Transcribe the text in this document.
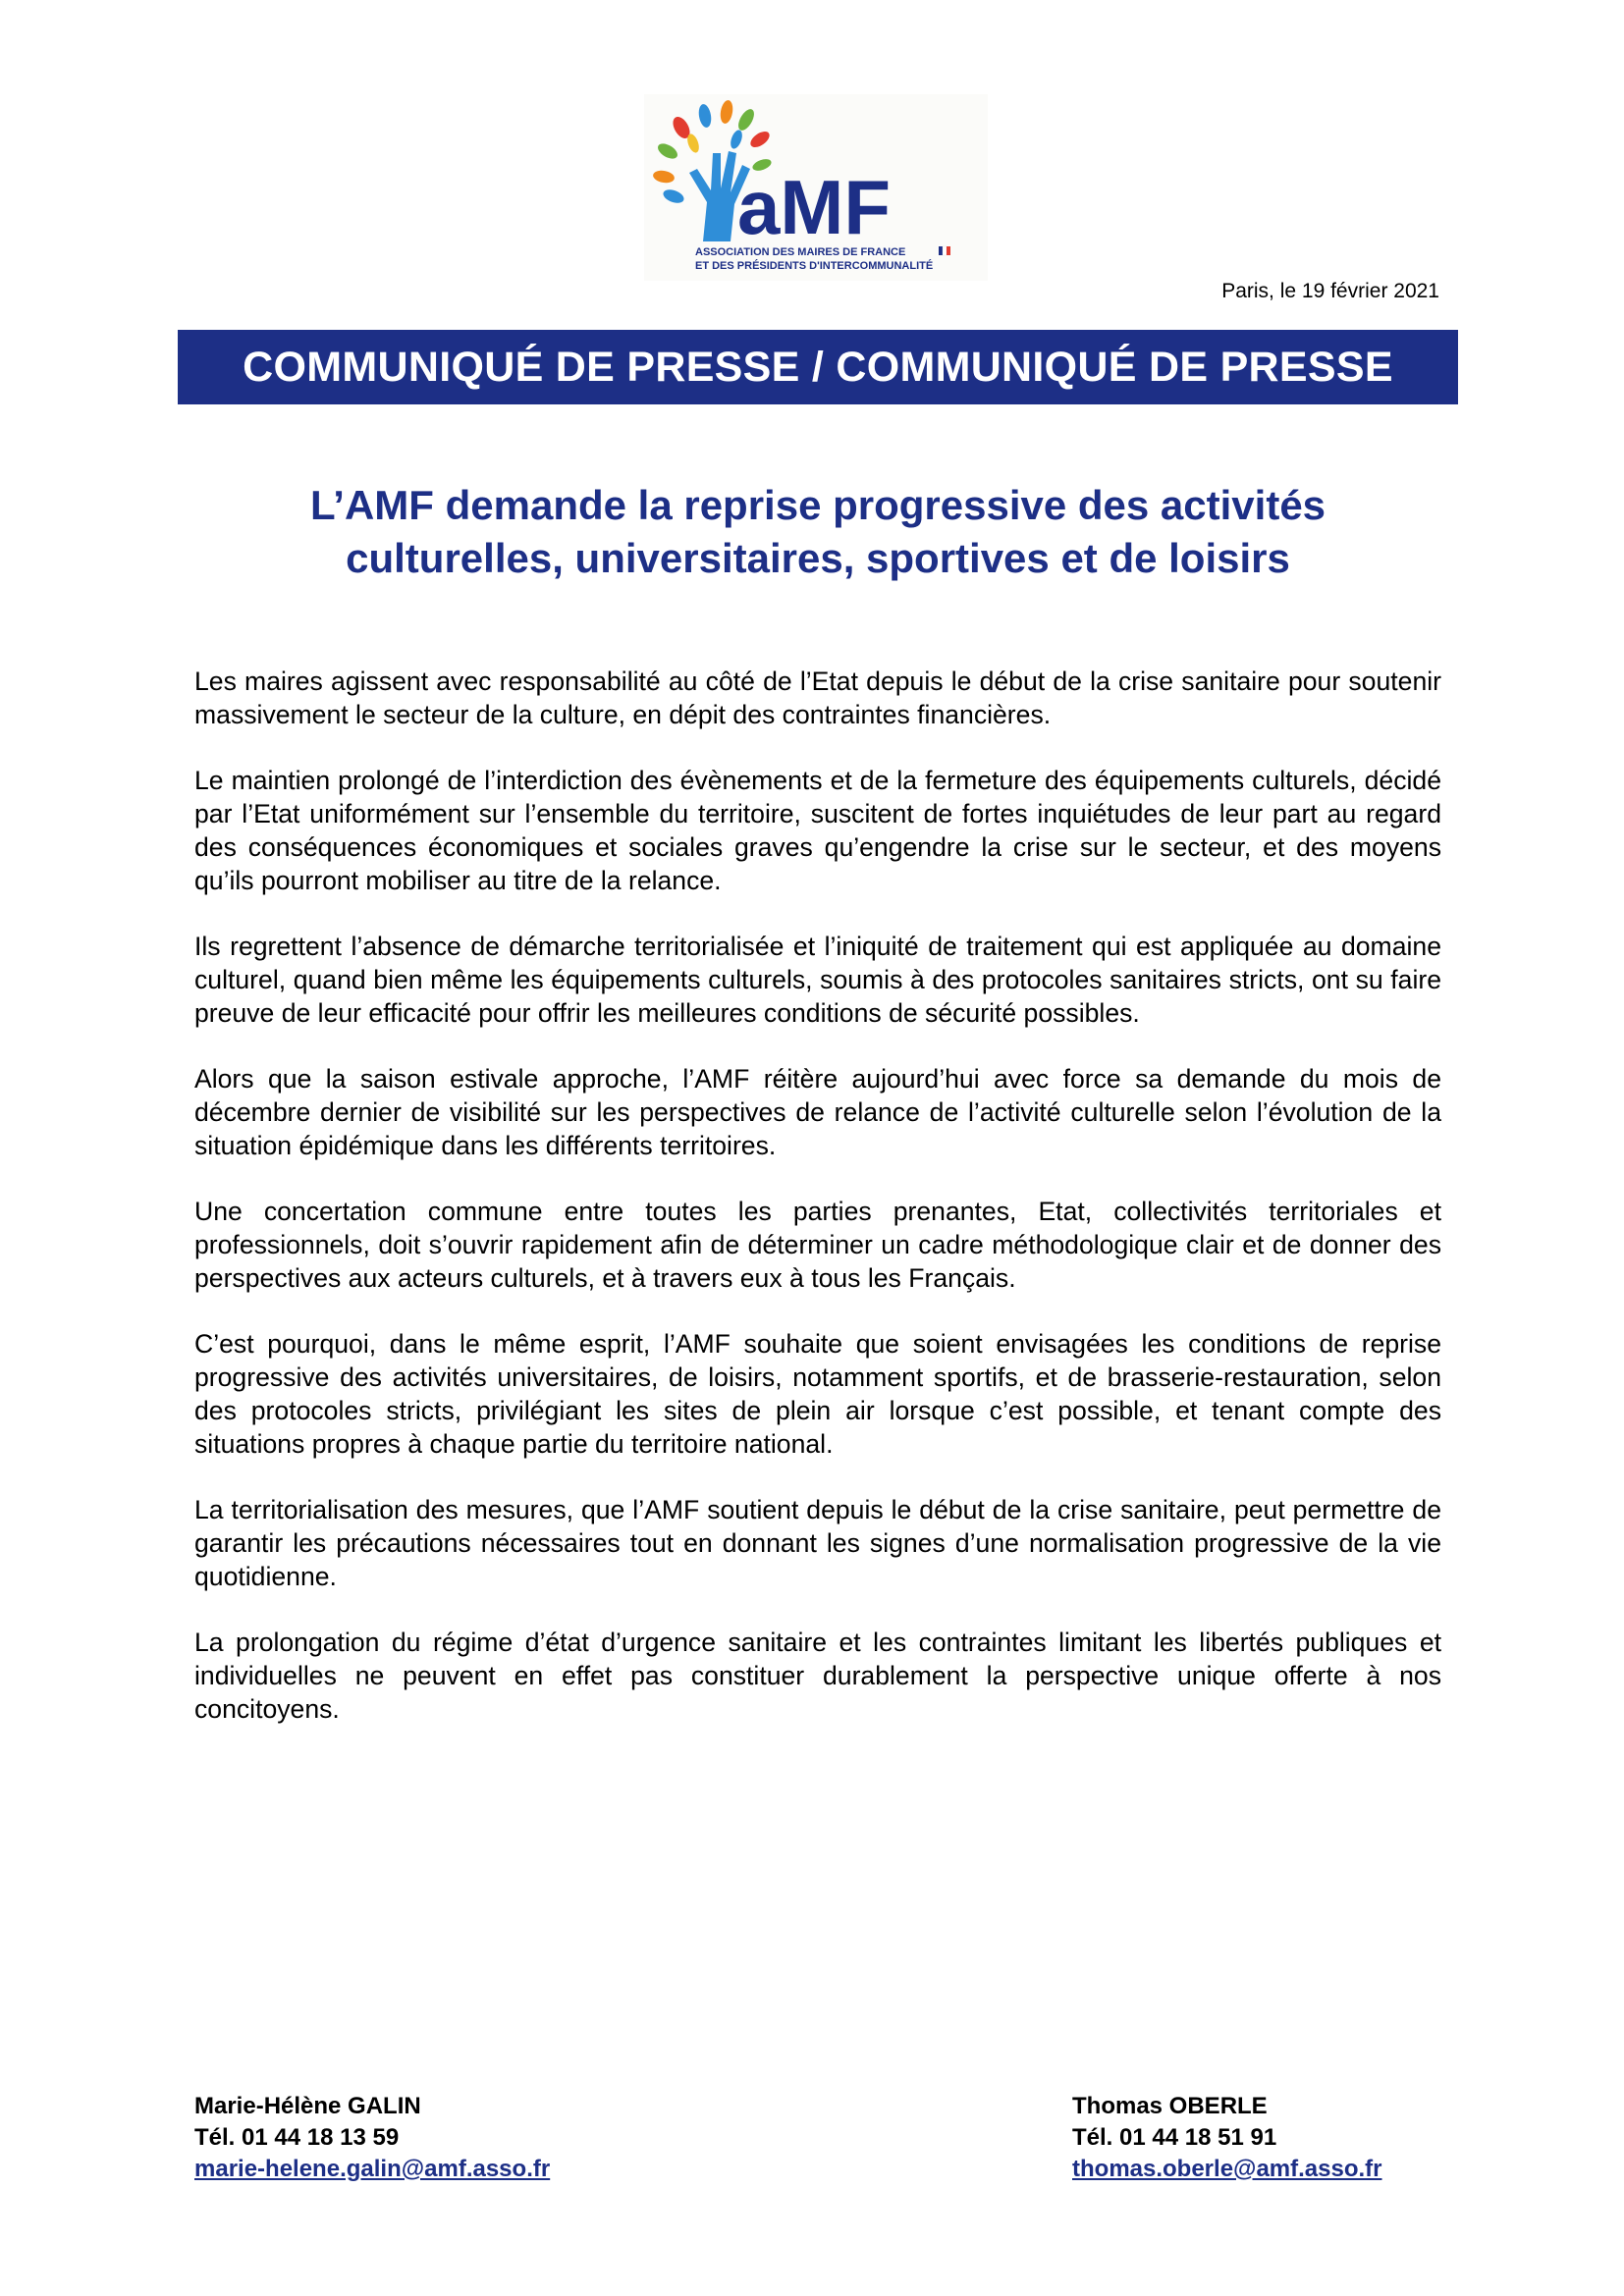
aMF
ASSOCIATION DES MAIRES DE FRANCE
ET DES PRÉSIDENTS D'INTERCOMMUNALITÉ
Paris, le 19 février 2021
COMMUNIQUÉ DE PRESSE / COMMUNIQUÉ DE PRESSE
L’AMF demande la reprise progressive des activités
culturelles, universitaires, sportives et de loisirs

Les maires agissent avec responsabilité au côté de l’Etat depuis le début de la crise sanitaire pour soutenir massivement le secteur de la culture, en dépit des contraintes financières.

Le maintien prolongé de l’interdiction des évènements et de la fermeture des équipements culturels, décidé par l’Etat uniformément sur l’ensemble du territoire, suscitent de fortes inquiétudes de leur part au regard des conséquences économiques et sociales graves qu’engendre la crise sur le secteur, et des moyens qu’ils pourront mobiliser au titre de la relance.

Ils regrettent l’absence de démarche territorialisée et l’iniquité de traitement qui est appliquée au domaine culturel, quand bien même les équipements culturels, soumis à des protocoles sanitaires stricts, ont su faire preuve de leur efficacité pour offrir les meilleures conditions de sécurité possibles.

Alors que la saison estivale approche, l’AMF réitère aujourd’hui avec force sa demande du mois de décembre dernier de visibilité sur les perspectives de relance de l’activité culturelle selon l’évolution de la situation épidémique dans les différents territoires.

Une concertation commune entre toutes les parties prenantes, Etat, collectivités territoriales et professionnels, doit s’ouvrir rapidement afin de déterminer un cadre méthodologique clair et de donner des perspectives aux acteurs culturels, et à travers eux à tous les Français.

C’est pourquoi, dans le même esprit, l’AMF souhaite que soient envisagées les conditions de reprise progressive des activités universitaires, de loisirs, notamment sportifs, et de brasserie-restauration, selon des protocoles stricts, privilégiant les sites de plein air lorsque c’est possible, et tenant compte des situations propres à chaque partie du territoire national.

La territorialisation des mesures, que l’AMF soutient depuis le début de la crise sanitaire, peut permettre de garantir les précautions nécessaires tout en donnant les signes d’une normalisation progressive de la vie quotidienne.

La prolongation du régime d’état d’urgence sanitaire et les contraintes limitant les libertés publiques et individuelles ne peuvent en effet pas constituer durablement la perspective unique offerte à nos concitoyens.

Marie-Hélène GALIN
Tél. 01 44 18 13 59
marie-helene.galin@amf.asso.fr
Thomas OBERLE
Tél. 01 44 18 51 91
thomas.oberle@amf.asso.fr
